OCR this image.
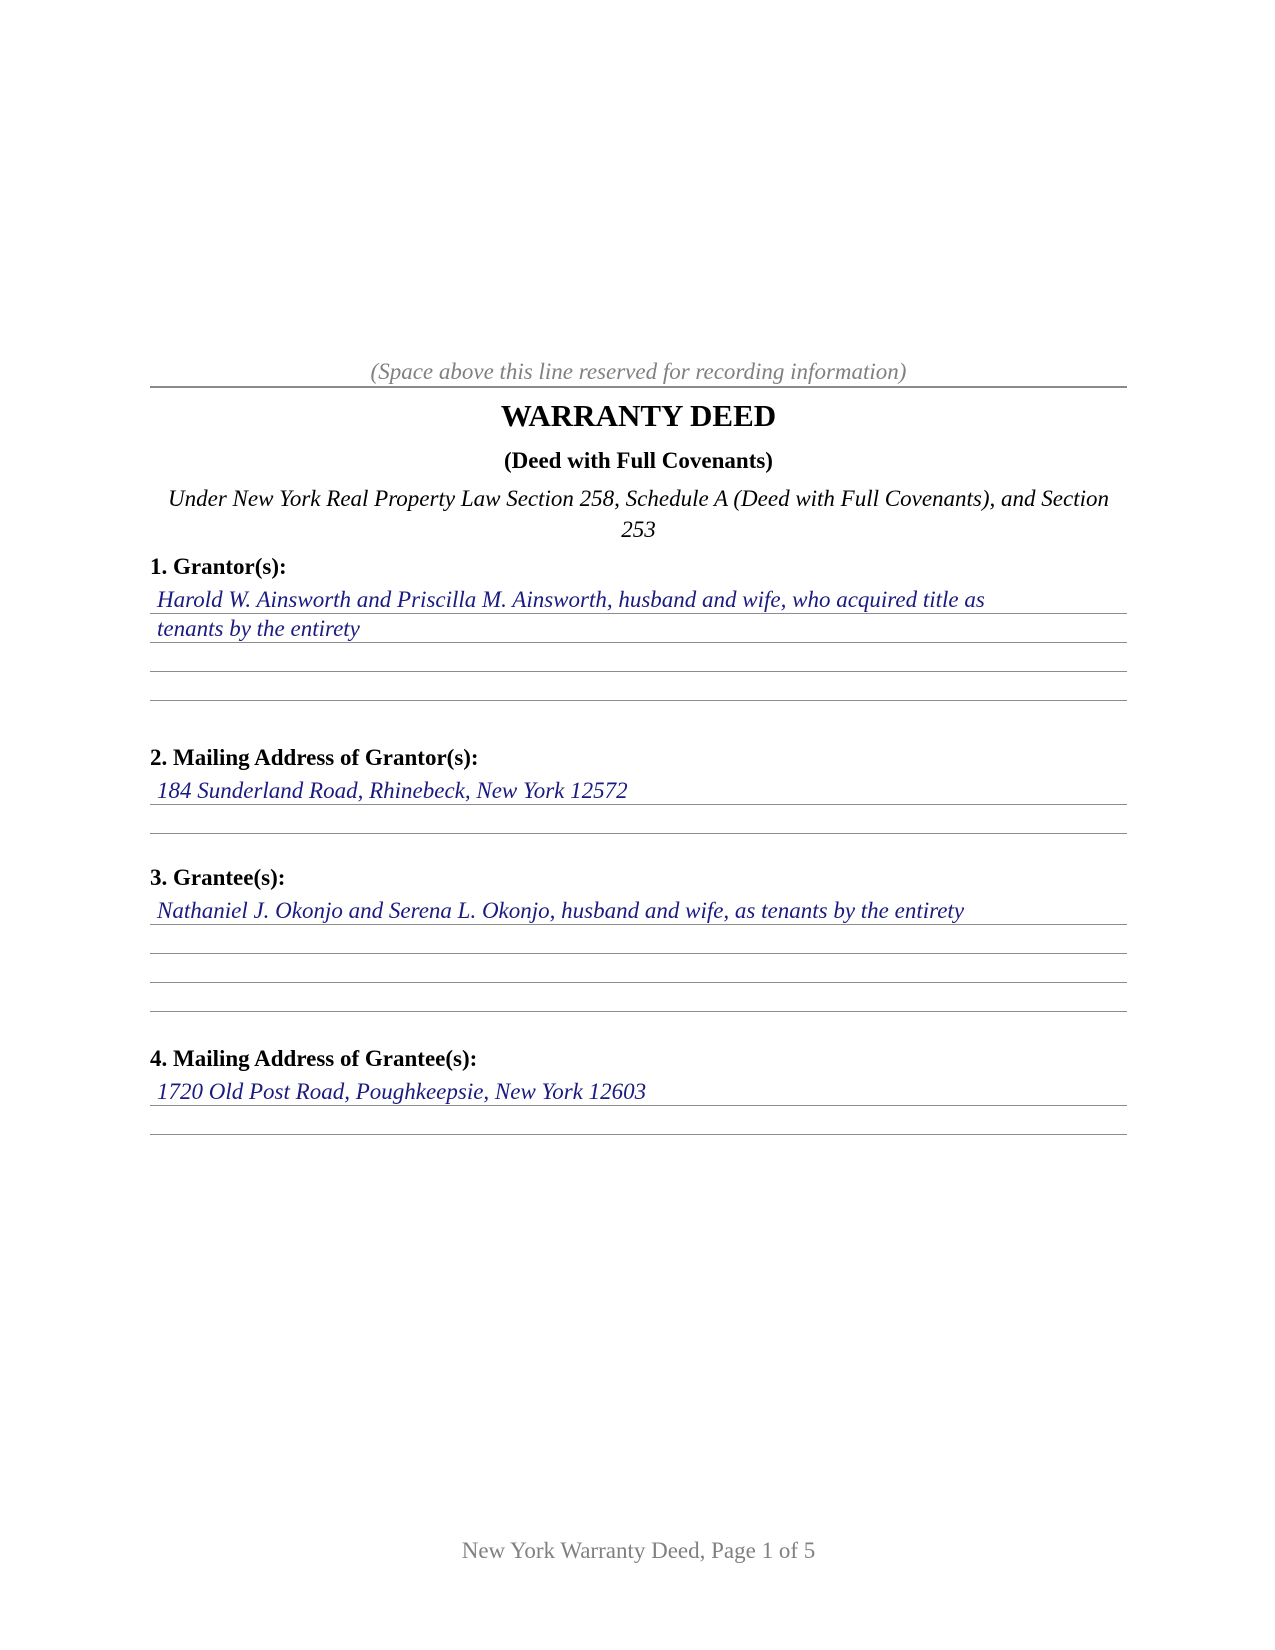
(Space above this line reserved for recording information)
WARRANTY DEED
(Deed with Full Covenants)
Under New York Real Property Law Section 258, Schedule A (Deed with Full Covenants), and Section 253
1. Grantor(s):
Harold W. Ainsworth and Priscilla M. Ainsworth, husband and wife, who acquired title as
tenants by the entirety
2. Mailing Address of Grantor(s):
184 Sunderland Road, Rhinebeck, New York 12572
3. Grantee(s):
Nathaniel J. Okonjo and Serena L. Okonjo, husband and wife, as tenants by the entirety
4. Mailing Address of Grantee(s):
1720 Old Post Road, Poughkeepsie, New York 12603
New York Warranty Deed, Page 1 of 5
